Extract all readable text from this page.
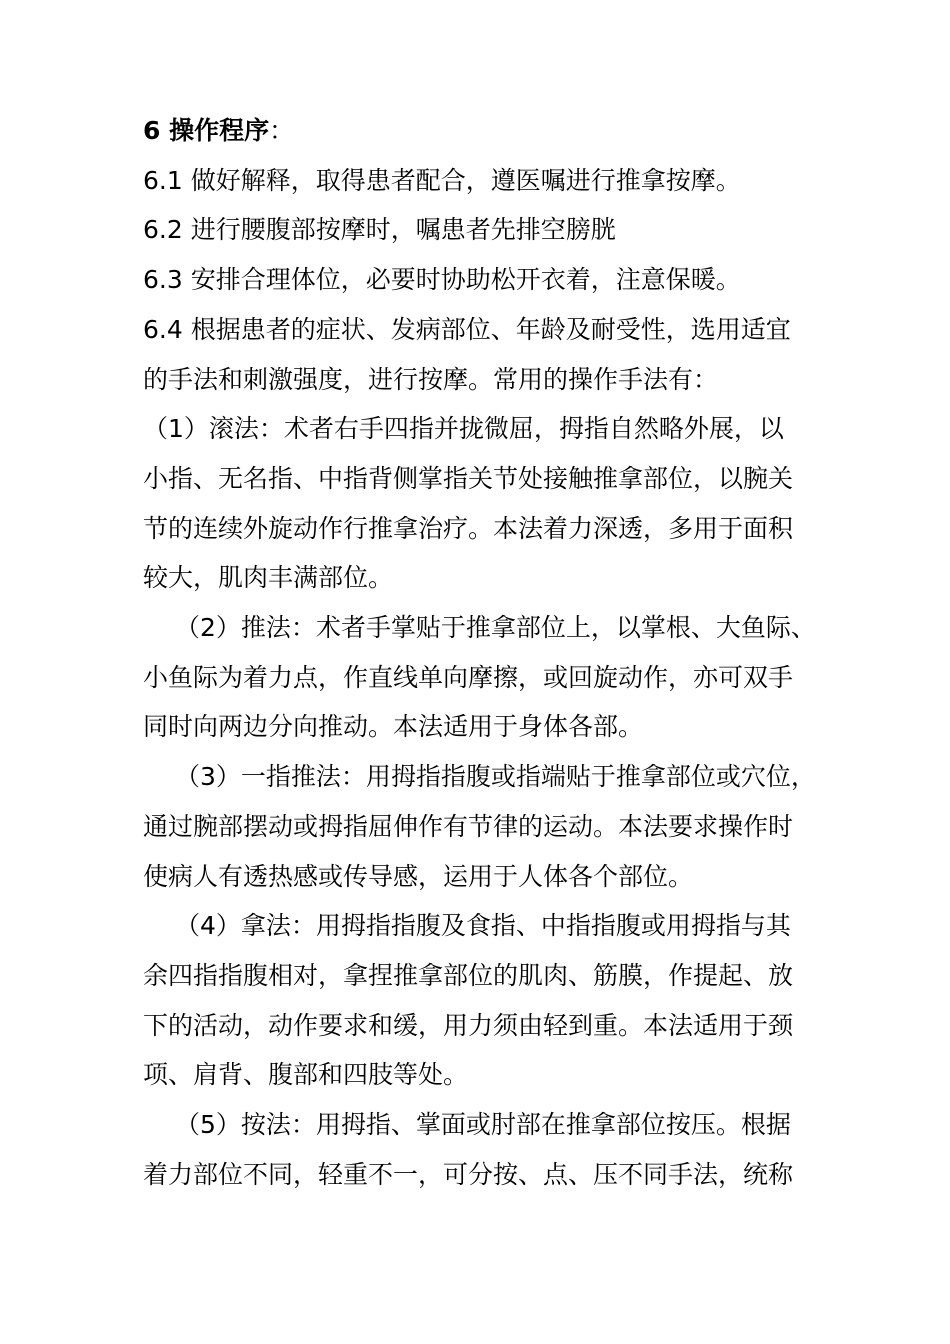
6 操作程序：
6.1 做好解释，取得患者配合，遵医嘱进行推拿按摩。
6.2 进行腰腹部按摩时，嘱患者先排空膀胱
6.3 安排合理体位，必要时协助松开衣着，注意保暖。
6.4 根据患者的症状、发病部位、年龄及耐受性，选用适宜
的手法和刺激强度，进行按摩。常用的操作手法有：
（1）滚法：术者右手四指并拢微屈，拇指自然略外展，以
小指、无名指、中指背侧掌指关节处接触推拿部位，以腕关
节的连续外旋动作行推拿治疗。本法着力深透，多用于面积
较大，肌肉丰满部位。
（2）推法：术者手掌贴于推拿部位上，以掌根、大鱼际、
小鱼际为着力点，作直线单向摩擦，或回旋动作，亦可双手
同时向两边分向推动。本法适用于身体各部。
（3）一指推法：用拇指指腹或指端贴于推拿部位或穴位，
通过腕部摆动或拇指屈伸作有节律的运动。本法要求操作时
使病人有透热感或传导感，运用于人体各个部位。
（4）拿法：用拇指指腹及食指、中指指腹或用拇指与其
余四指指腹相对，拿捏推拿部位的肌肉、筋膜，作提起、放
下的活动，动作要求和缓，用力须由轻到重。本法适用于颈
项、肩背、腹部和四肢等处。
（5）按法：用拇指、掌面或肘部在推拿部位按压。根据
着力部位不同，轻重不一，可分按、点、压不同手法，统称
